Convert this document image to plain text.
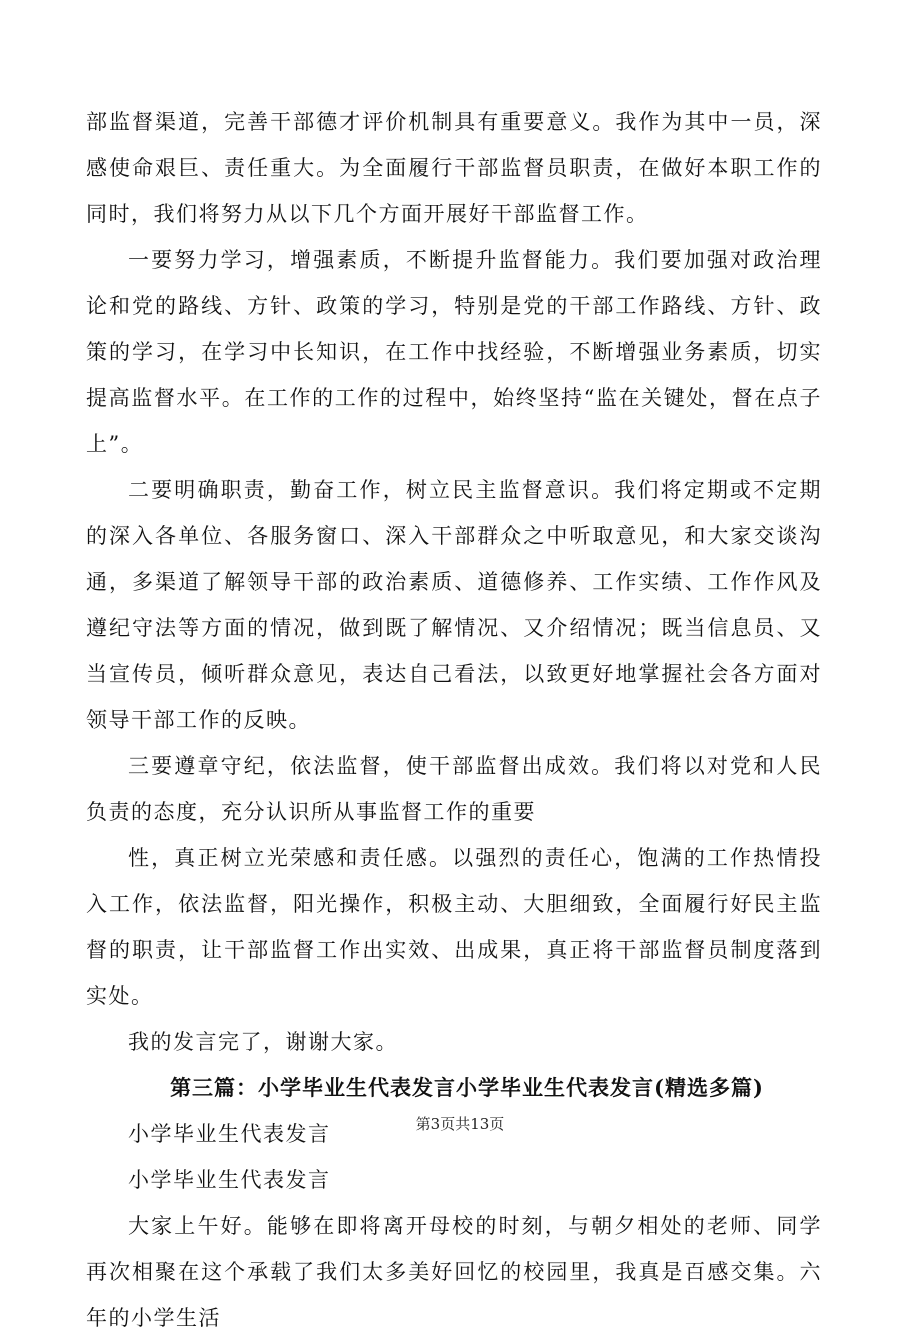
部监督渠道，完善干部德才评价机制具有重要意义。我作为其中一员，深感使命艰巨、责任重大。为全面履行干部监督员职责，在做好本职工作的同时，我们将努力从以下几个方面开展好干部监督工作。

一要努力学习，增强素质，不断提升监督能力。我们要加强对政治理论和党的路线、方针、政策的学习，特别是党的干部工作路线、方针、政策的学习，在学习中长知识，在工作中找经验，不断增强业务素质，切实提高监督水平。在工作的工作的过程中，始终坚持“监在关键处，督在点子上”。

二要明确职责，勤奋工作，树立民主监督意识。我们将定期或不定期的深入各单位、各服务窗口、深入干部群众之中听取意见，和大家交谈沟通，多渠道了解领导干部的政治素质、道德修养、工作实绩、工作作风及遵纪守法等方面的情况，做到既了解情况、又介绍情况；既当信息员、又当宣传员，倾听群众意见，表达自己看法，以致更好地掌握社会各方面对领导干部工作的反映。

三要遵章守纪，依法监督，使干部监督出成效。我们将以对党和人民负责的态度，充分认识所从事监督工作的重要

性，真正树立光荣感和责任感。以强烈的责任心，饱满的工作热情投入工作，依法监督，阳光操作，积极主动、大胆细致，全面履行好民主监督的职责，让干部监督工作出实效、出成果，真正将干部监督员制度落到实处。

我的发言完了，谢谢大家。

第三篇：小学毕业生代表发言小学毕业生代表发言(精选多篇)

小学毕业生代表发言

小学毕业生代表发言

大家上午好。能够在即将离开母校的时刻，与朝夕相处的老师、同学再次相聚在这个承载了我们太多美好回忆的校园里，我真是百感交集。六年的小学生活

第3页共13页
